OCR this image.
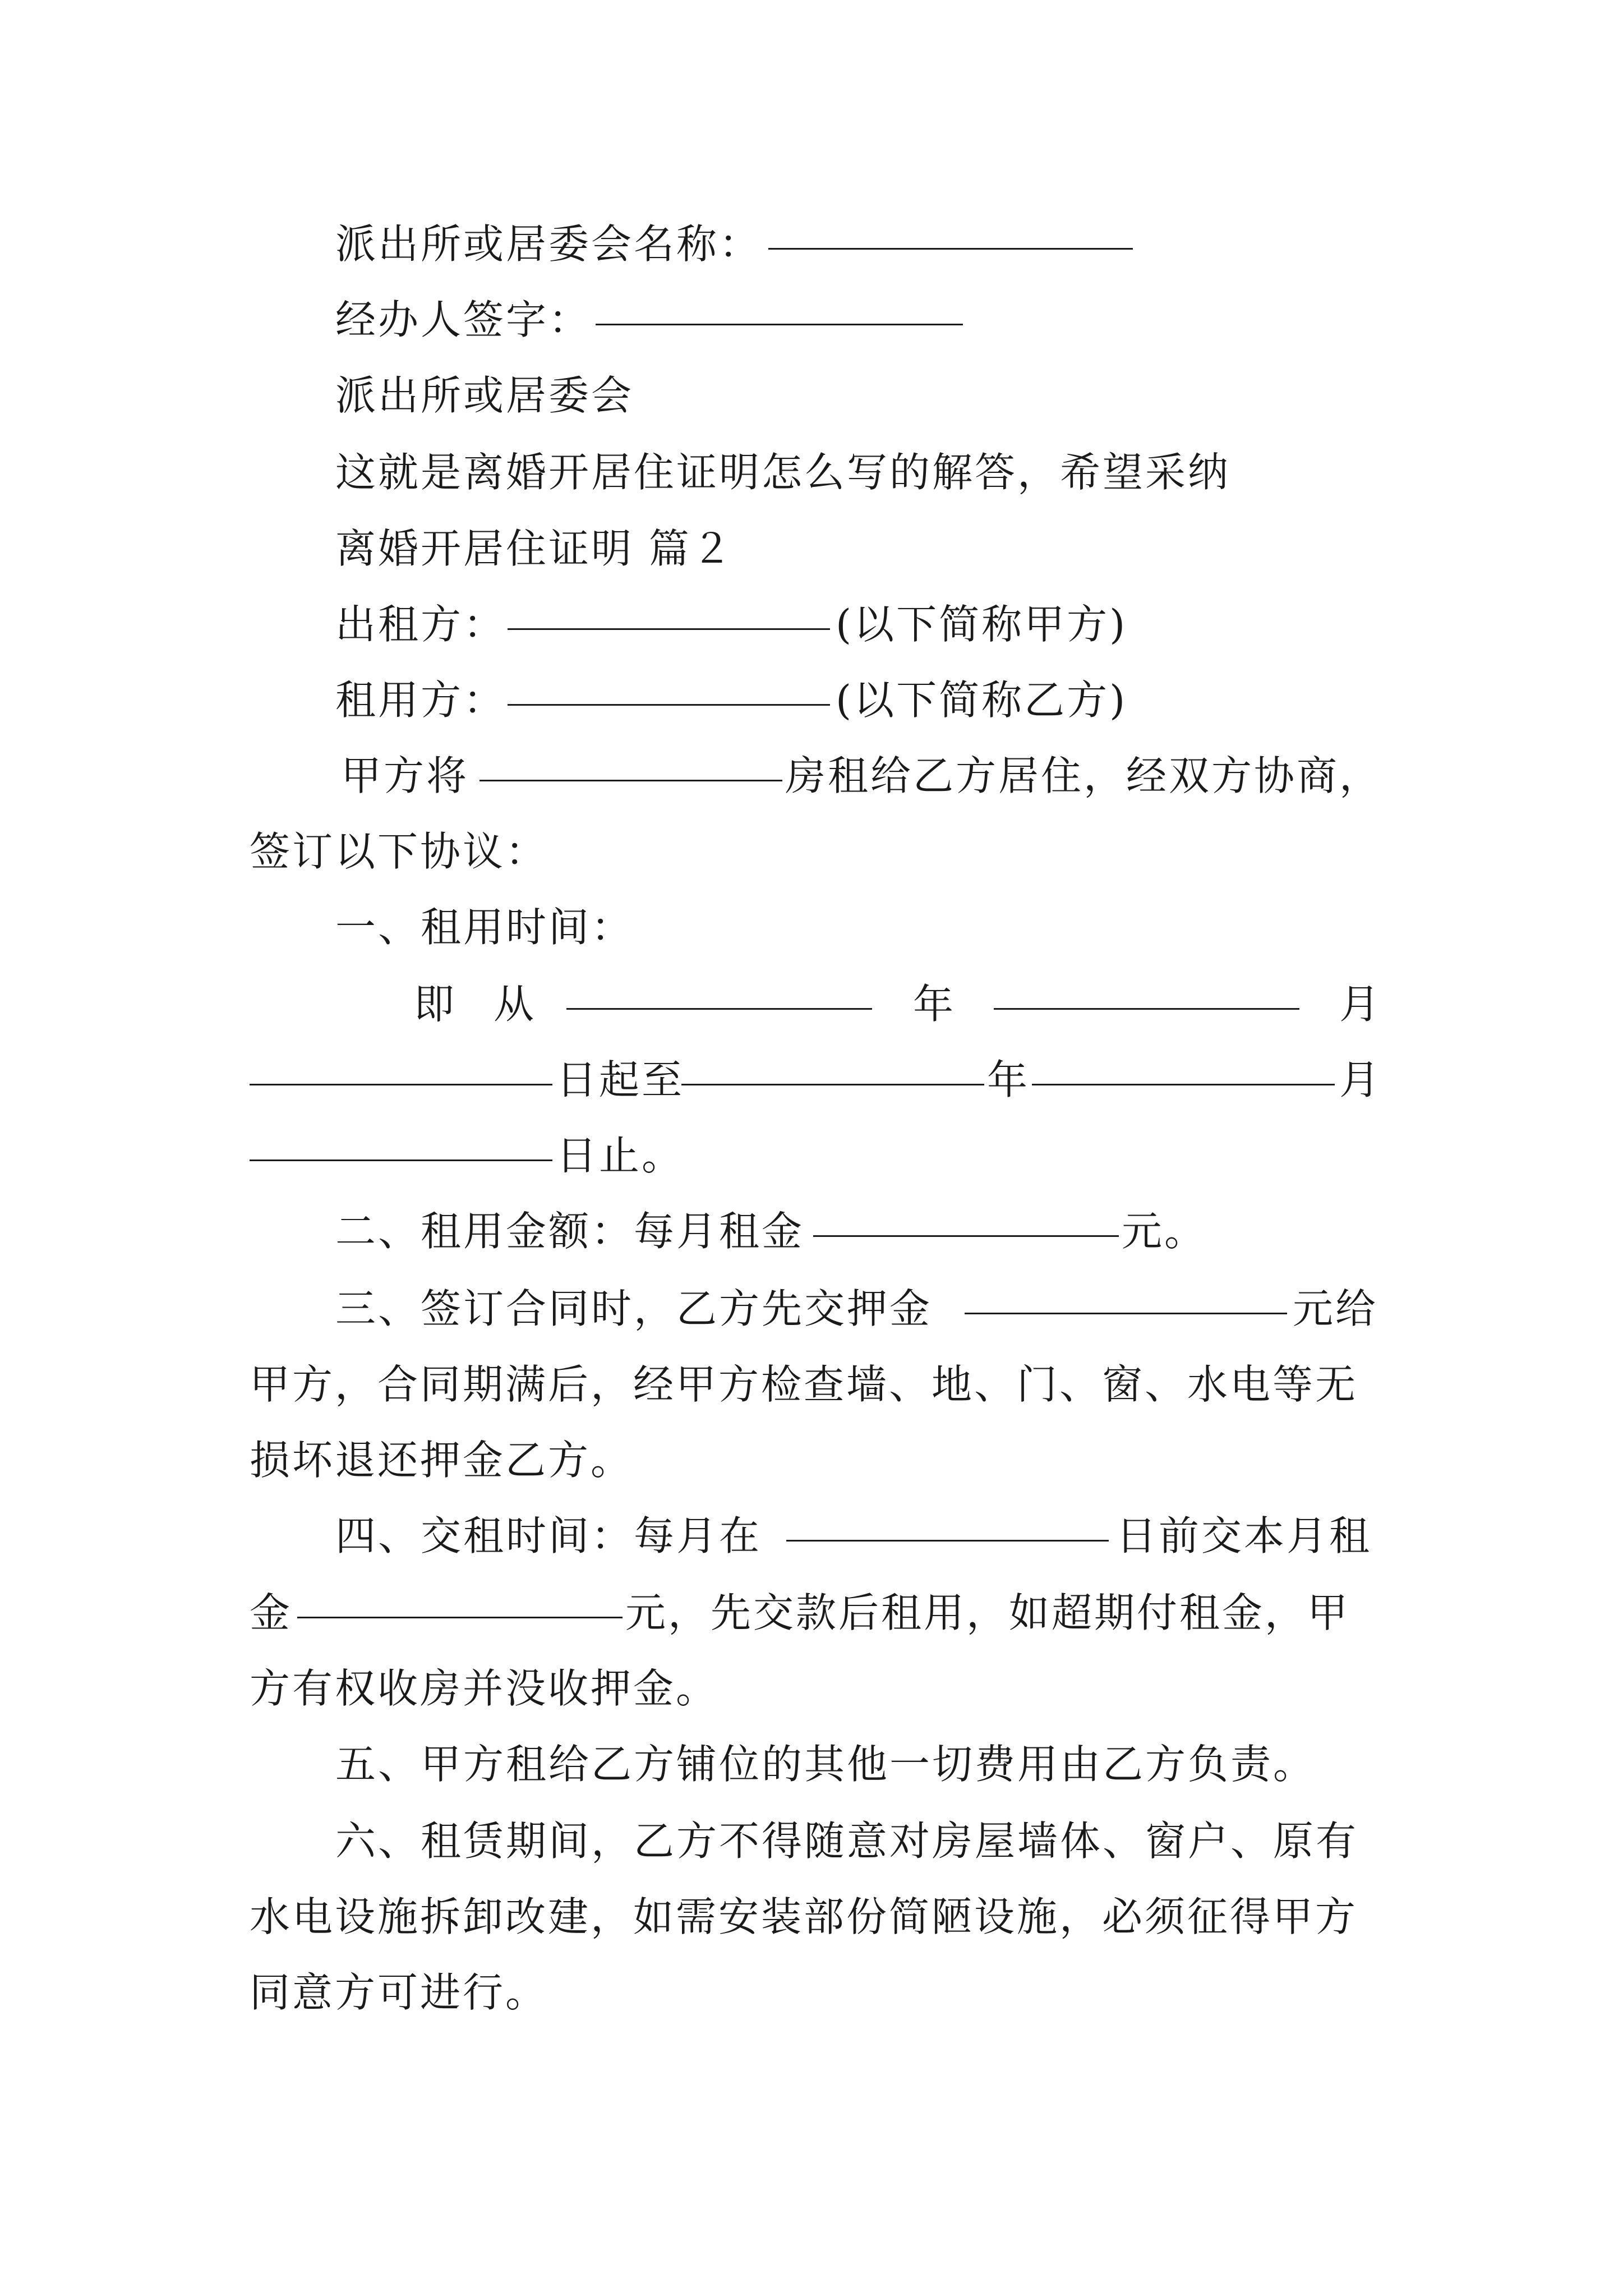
派出所或居委会名称：
经办人签字：
派出所或居委会
这就是离婚开居住证明怎么写的解答，希望采纳
离婚开居住证明 篇２
出租方：	(以下简称甲方)
租用方：	(以下简称乙方)
甲方将	房租给乙方居住，经双方协商，
签订以下协议：
一、租用时间：
即 从	年	月
日起至	年	月
日止。
二、租用金额：每月租金	元。
三、签订合同时，乙方先交押金	元给
甲方，合同期满后，经甲方检查墙、地、门、窗、水电等无
损坏退还押金乙方。
四、交租时间：每月在	日前交本月租
金	元，先交款后租用，如超期付租金，甲
方有权收房并没收押金。
五、甲方租给乙方铺位的其他一切费用由乙方负责。
六、租赁期间，乙方不得随意对房屋墙体、窗户、原有
水电设施拆卸改建，如需安装部份简陋设施，必须征得甲方
同意方可进行。
